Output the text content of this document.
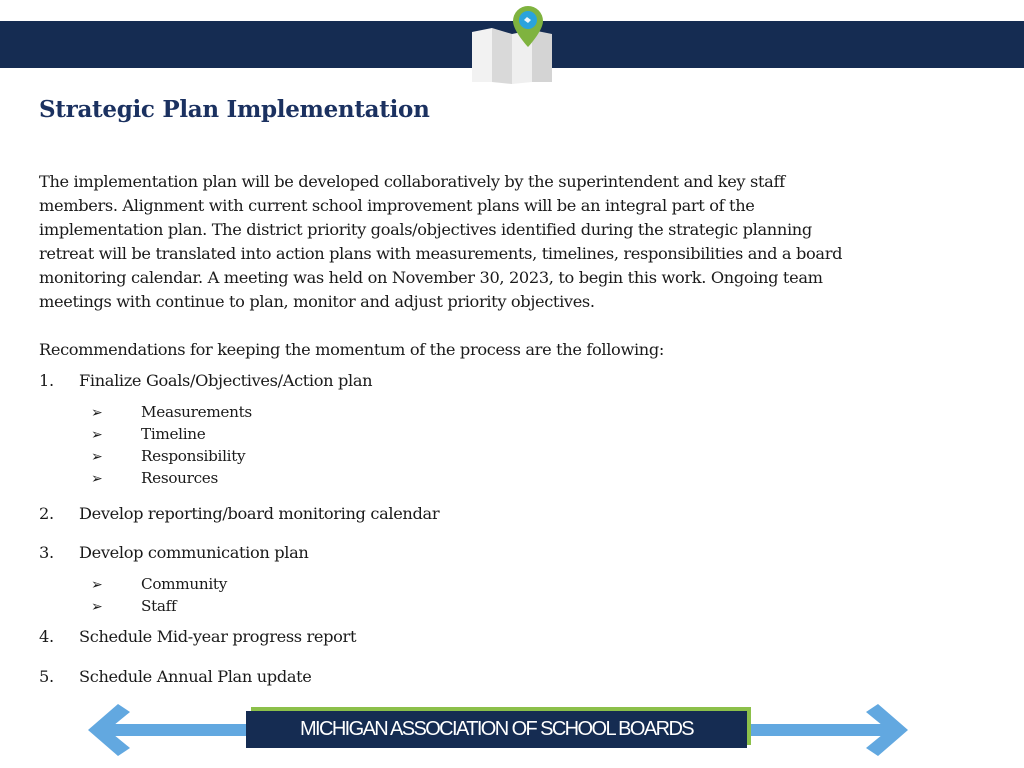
Strategic Plan Implementation
The implementation plan will be developed collaboratively by the superintendent and key staff
members. Alignment with current school improvement plans will be an integral part of the
implementation plan. The district priority goals/objectives identified during the strategic planning
retreat will be translated into action plans with measurements, timelines, responsibilities and a board
monitoring calendar. A meeting was held on November 30, 2023, to begin this work. Ongoing team
meetings with continue to plan, monitor and adjust priority objectives.
Recommendations for keeping the momentum of the process are the following:
1. Finalize Goals/Objectives/Action plan
➢	Measurements
➢	Timeline
➢	Responsibility
➢	Resources
2. Develop reporting/board monitoring calendar
3. Develop communication plan
➢	Community
➢	Staff
4. Schedule Mid-year progress report
5. Schedule Annual Plan update
MICHIGAN ASSOCIATION OF SCHOOL BOARDS
